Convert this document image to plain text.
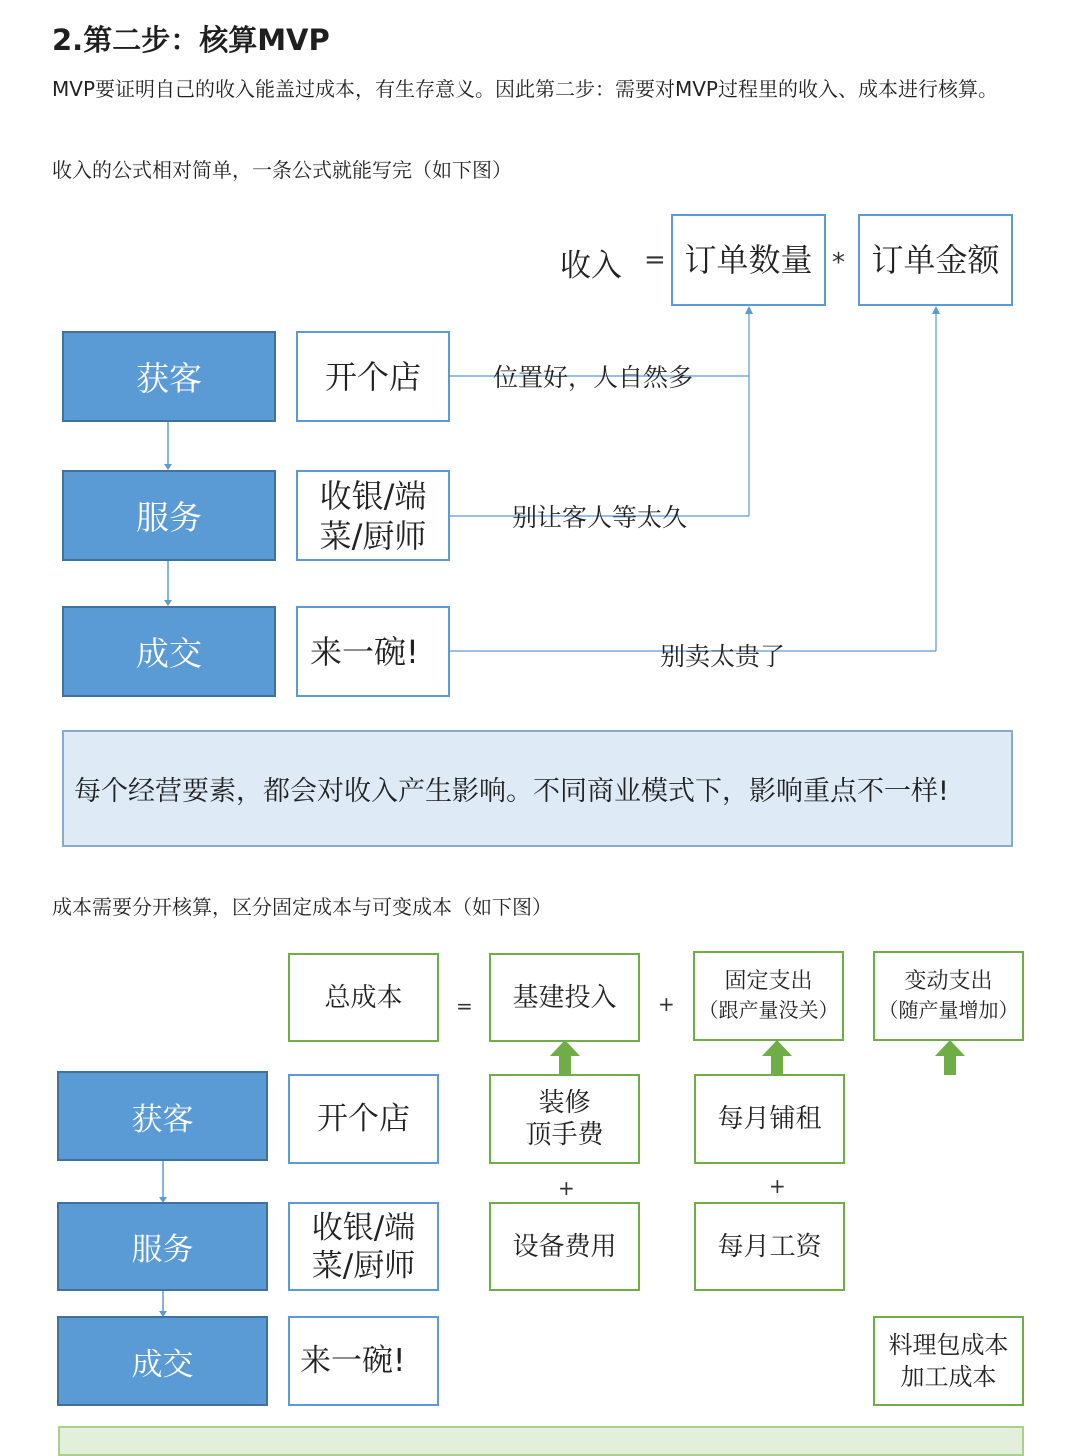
2.第二步：核算MVP
MVP要证明自己的收入能盖过成本，有生存意义。因此第二步：需要对MVP过程里的收入、成本进行核算。
收入的公式相对简单，一条公式就能写完（如下图）
收入 = 订单数量 * 订单金额
获客
服务
成交
开个店
收银/端
菜/厨师
来一碗!
位置好，人自然多
别让客人等太久
别卖太贵了
每个经营要素，都会对收入产生影响。不同商业模式下，影响重点不一样!
成本需要分开核算，区分固定成本与可变成本（如下图）
总成本	= 基建投入 +
固定支出
（跟产量没关）
变动支出
（随产量增加）
获客
服务
成交
开个店
收银/端
菜/厨师
来一碗!
装修
顶手费
+
设备费用
每月铺租
+
每月工资
料理包成本
加工成本
